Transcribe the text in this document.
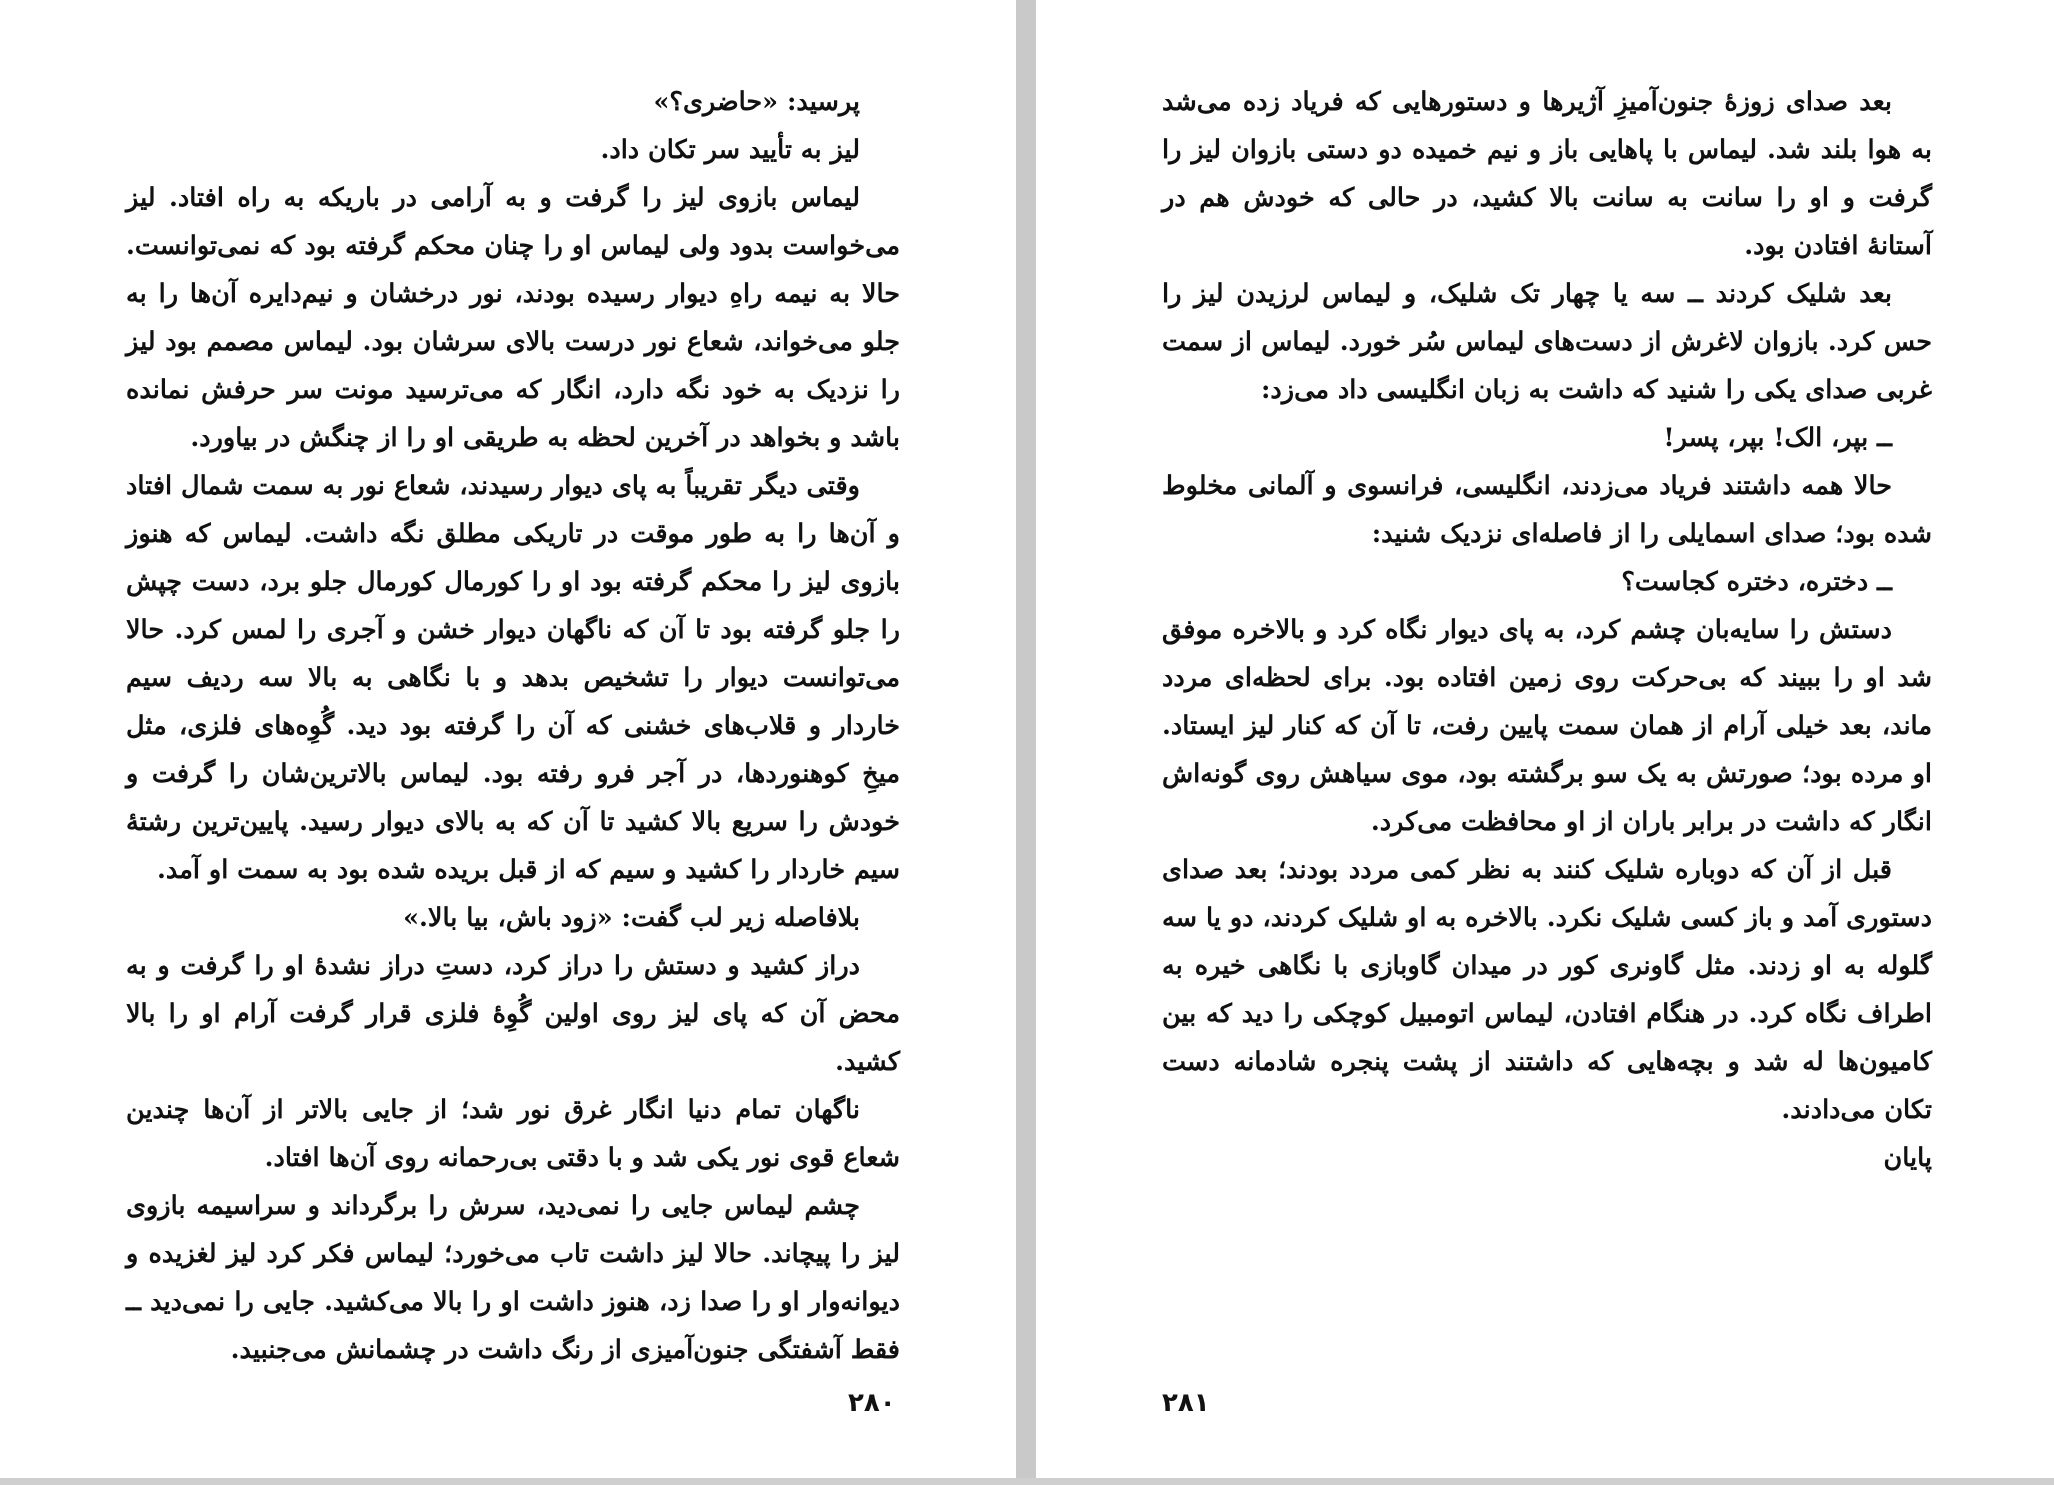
پرسید: «حاضری؟»

لیز به تأیید سر تکان داد.

لیماس بازوی لیز را گرفت و به آرامی در باریکه به راه افتاد. لیز می‌خواست بدود ولی لیماس او را چنان محکم گرفته بود که نمی‌توانست. حالا به نیمه راهِ دیوار رسیده بودند، نور درخشان و نیم‌دایره آن‌ها را به جلو می‌خواند، شعاع نور درست بالای سرشان بود. لیماس مصمم بود لیز را نزدیک به خود نگه دارد، انگار که می‌ترسید مونت سر حرفش نمانده باشد و بخواهد در آخرین لحظه به طریقی او را از چنگش در بیاورد.

وقتی دیگر تقریباً به پای دیوار رسیدند، شعاع نور به سمت شمال افتاد و آن‌ها را به طور موقت در تاریکی مطلق نگه داشت. لیماس که هنوز بازوی لیز را محکم گرفته بود او را کورمال کورمال جلو برد، دست چپش را جلو گرفته بود تا آن که ناگهان دیوار خشن و آجری را لمس کرد. حالا می‌توانست دیوار را تشخیص بدهد و با نگاهی به بالا سه ردیف سیم خاردار و قلاب‌های خشنی که آن را گرفته بود دید. گُوِه‌های فلزی، مثل میخِ کوهنوردها، در آجر فرو رفته بود. لیماس بالاترین‌شان را گرفت و خودش را سریع بالا کشید تا آن که به بالای دیوار رسید. پایین‌ترین رشتهٔ سیم خاردار را کشید و سیم که از قبل بریده شده بود به سمت او آمد.

بلافاصله زیر لب گفت: «زود باش، بیا بالا.»

دراز کشید و دستش را دراز کرد، دستِ دراز نشدهٔ او را گرفت و به محض آن که پای لیز روی اولین گُوِهٔ فلزی قرار گرفت آرام او را بالا کشید.

ناگهان تمام دنیا انگار غرق نور شد؛ از جایی بالاتر از آن‌ها چندین شعاع قوی نور یکی شد و با دقتی بی‌رحمانه روی آن‌ها افتاد.

چشم لیماس جایی را نمی‌دید، سرش را برگرداند و سراسیمه بازوی لیز را پیچاند. حالا لیز داشت تاب می‌خورد؛ لیماس فکر کرد لیز لغزیده و دیوانه‌وار او را صدا زد، هنوز داشت او را بالا می‌کشید. جایی را نمی‌دید ــ فقط آشفتگی جنون‌آمیزی از رنگ داشت در چشمانش می‌جنبید.

۲۸۰

بعد صدای زوزهٔ جنون‌آمیزِ آژیرها و دستورهایی که فریاد زده می‌شد به هوا بلند شد. لیماس با پاهایی باز و نیم خمیده دو دستی بازوان لیز را گرفت و او را سانت به سانت بالا کشید، در حالی که خودش هم در آستانهٔ افتادن بود.

بعد شلیک کردند ــ سه یا چهار تک شلیک، و لیماس لرزیدن لیز را حس کرد. بازوان لاغرش از دست‌های لیماس سُر خورد. لیماس از سمت غربی صدای یکی را شنید که داشت به زبان انگلیسی داد می‌زد:

ــ بپر، الک! بپر، پسر!

حالا همه داشتند فریاد می‌زدند، انگلیسی، فرانسوی و آلمانی مخلوط شده بود؛ صدای اسمایلی را از فاصله‌ای نزدیک شنید:

ــ دختره، دختره کجاست؟

دستش را سایه‌بان چشم کرد، به پای دیوار نگاه کرد و بالاخره موفق شد او را ببیند که بی‌حرکت روی زمین افتاده بود. برای لحظه‌ای مردد ماند، بعد خیلی آرام از همان سمت پایین رفت، تا آن که کنار لیز ایستاد. او مرده بود؛ صورتش به یک سو برگشته بود، موی سیاهش روی گونه‌اش انگار که داشت در برابر باران از او محافظت می‌کرد.

قبل از آن که دوباره شلیک کنند به نظر کمی مردد بودند؛ بعد صدای دستوری آمد و باز کسی شلیک نکرد. بالاخره به او شلیک کردند، دو یا سه گلوله به او زدند. مثل گاونری کور در میدان گاوبازی با نگاهی خیره به اطراف نگاه کرد. در هنگام افتادن، لیماس اتومبیل کوچکی را دید که بین کامیون‌ها له شد و بچه‌هایی که داشتند از پشت پنجره شادمانه دست تکان می‌دادند.

پایان

۲۸۱
